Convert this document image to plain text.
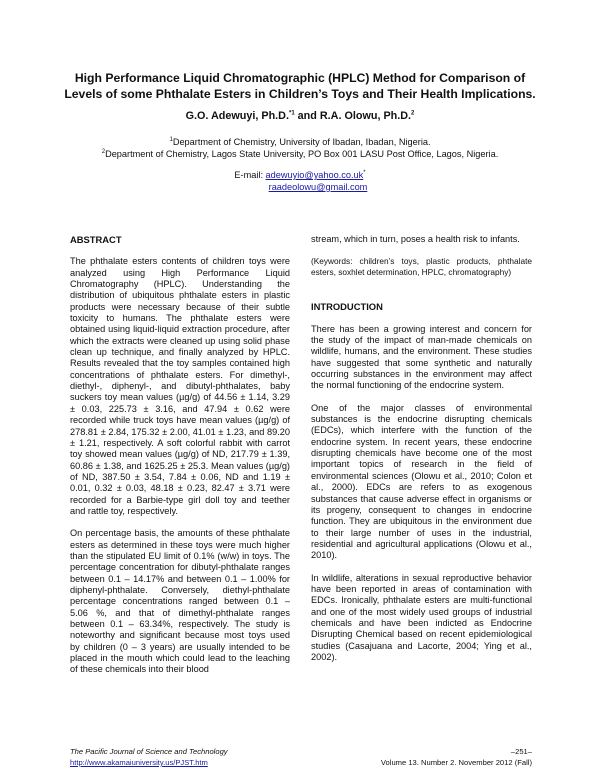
High Performance Liquid Chromatographic (HPLC) Method for Comparison of Levels of some Phthalate Esters in Children’s Toys and Their Health Implications.
G.O. Adewuyi, Ph.D.$^{*1}$ and R.A. Olowu, Ph.D.$^2$
$^1$Department of Chemistry, University of Ibadan, Ibadan, Nigeria.
$^2$Department of Chemistry, Lagos State University, PO Box 001 LASU Post Office, Lagos, Nigeria.
E-mail: adewuyio@yahoo.co.uk*
raadeolowu@gmail.com
ABSTRACT

The phthalate esters contents of children toys were analyzed using High Performance Liquid Chromatography (HPLC). Understanding the distribution of ubiquitous phthalate esters in plastic products were necessary because of their subtle toxicity to humans. The phthalate esters were obtained using liquid-liquid extraction procedure, after which the extracts were cleaned up using solid phase clean up technique, and finally analyzed by HPLC. Results revealed that the toy samples contained high concentrations of phthalate esters. For dimethyl-, diethyl-, diphenyl-, and dibutyl-phthalates, baby suckers toy mean values (µg/g) of 44.56 ± 1.14, 3.29 ± 0.03, 225.73 ± 3.16, and 47.94 ± 0.62 were recorded while truck toys have mean values (µg/g) of 278.81 ± 2.84, 175.32 ± 2.00, 41.01 ± 1.23, and 89.20 ± 1.21, respectively. A soft colorful rabbit with carrot toy showed mean values (µg/g) of ND, 217.79 ± 1.39, 60.86 ± 1.38, and 1625.25 ± 25.3. Mean values (µg/g) of ND, 387.50 ± 3.54, 7.84 ± 0.06, ND and 1.19 ± 0.01, 0.32 ± 0.03, 48.18 ± 0.23, 82.47 ± 3.71 were recorded for a Barbie-type girl doll toy and teether and rattle toy, respectively.

On percentage basis, the amounts of these phthalate esters as determined in these toys were much higher than the stipulated EU limit of 0.1% (w/w) in toys. The percentage concentration for dibutyl-phthalate ranges between 0.1 – 14.17% and between 0.1 – 1.00% for diphenyl-phthalate. Conversely, diethyl-phthalate percentage concentrations ranged between 0.1 – 5.06 %, and that of dimethyl-phthalate ranges between 0.1 – 63.34%, respectively. The study is noteworthy and significant because most toys used by children (0 – 3 years) are usually intended to be placed in the mouth which could lead to the leaching of these chemicals into their blood

stream, which in turn, poses a health risk to infants.

(Keywords: children’s toys, plastic products, phthalate esters, soxhlet determination, HPLC, chromatography)

INTRODUCTION

There has been a growing interest and concern for the study of the impact of man-made chemicals on wildlife, humans, and the environment. These studies have suggested that some synthetic and naturally occurring substances in the environment may affect the normal functioning of the endocrine system.

One of the major classes of environmental substances is the endocrine disrupting chemicals (EDCs), which interfere with the function of the endocrine system. In recent years, these endocrine disrupting chemicals have become one of the most important topics of research in the field of environmental sciences (Olowu et al., 2010; Colon et al., 2000). EDCs are refers to as exogenous substances that cause adverse effect in organisms or its progeny, consequent to changes in endocrine function. They are ubiquitous in the environment due to their large number of uses in the industrial, residential and agricultural applications (Olowu et al., 2010).

In wildlife, alterations in sexual reproductive behavior have been reported in areas of contamination with EDCs. Ironically, phthalate esters are multi-functional and one of the most widely used groups of industrial chemicals and have been indicted as Endocrine Disrupting Chemical based on recent epidemiological studies (Casajuana and Lacorte, 2004; Ying et al., 2002).

The Pacific Journal of Science and Technology
http://www.akamaiuniversity.us/PJST.htm
–251–
Volume 13. Number 2. November 2012 (Fall)
